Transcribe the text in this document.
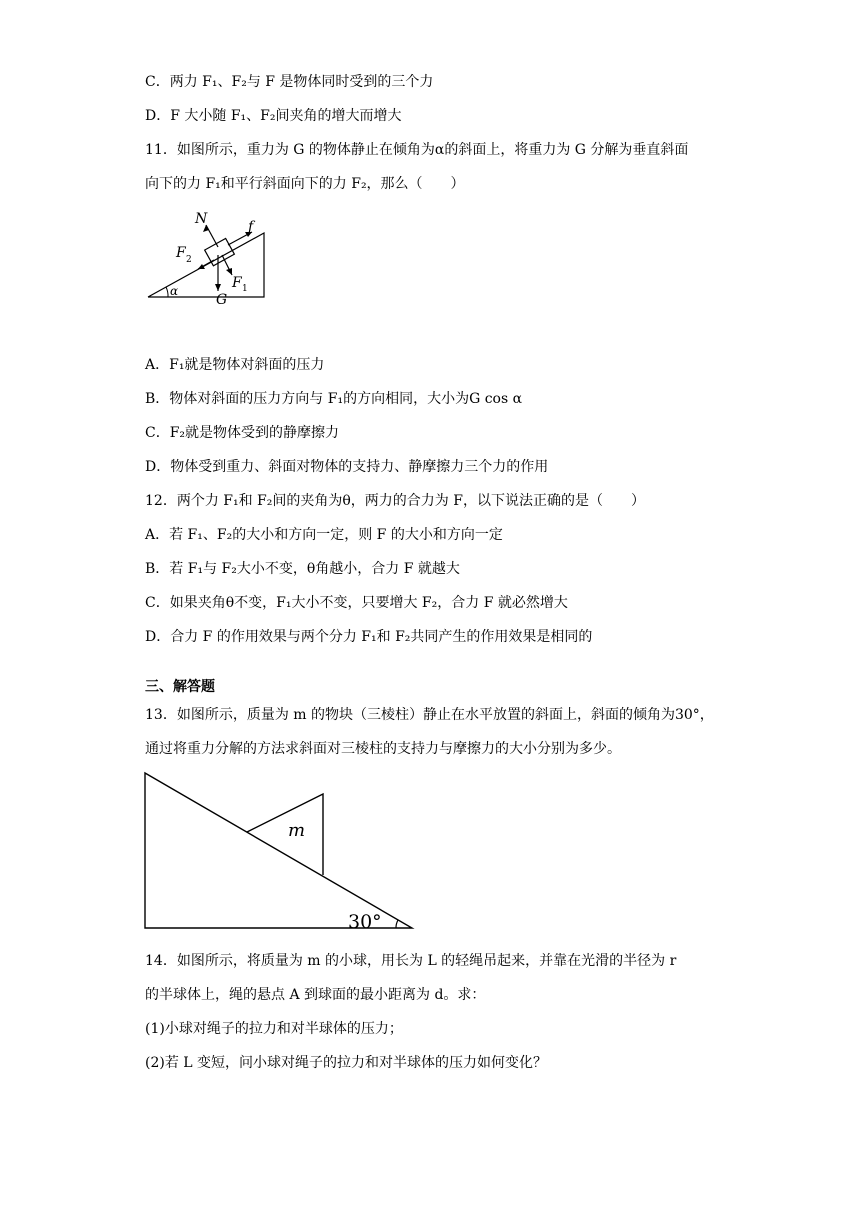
C．两力 F₁、F₂与 F 是物体同时受到的三个力
D．F 大小随 F₁、F₂间夹角的增大而增大
11．如图所示，重力为 G 的物体静止在倾角为α的斜面上，将重力为 G 分解为垂直斜面
向下的力 F₁和平行斜面向下的力 F₂，那么（　　）
N	f
F 2
F 1
G
α
A．F₁就是物体对斜面的压力
B．物体对斜面的压力方向与 F₁的方向相同，大小为G cos α
C．F₂就是物体受到的静摩擦力
D．物体受到重力、斜面对物体的支持力、静摩擦力三个力的作用
12．两个力 F₁和 F₂间的夹角为θ，两力的合力为 F，以下说法正确的是（　　）
A．若 F₁、F₂的大小和方向一定，则 F 的大小和方向一定
B．若 F₁与 F₂大小不变，θ角越小，合力 F 就越大
C．如果夹角θ不变，F₁大小不变，只要增大 F₂，合力 F 就必然增大
D．合力 F 的作用效果与两个分力 F₁和 F₂共同产生的作用效果是相同的
三、解答题
13．如图所示，质量为 m 的物块（三棱柱）静止在水平放置的斜面上，斜面的倾角为30°，
通过将重力分解的方法求斜面对三棱柱的支持力与摩擦力的大小分别为多少。
m
30°
14．如图所示，将质量为 m 的小球，用长为 L 的轻绳吊起来，并靠在光滑的半径为 r
的半球体上，绳的悬点 A 到球面的最小距离为 d。求：
(1)小球对绳子的拉力和对半球体的压力；
(2)若 L 变短，问小球对绳子的拉力和对半球体的压力如何变化？
